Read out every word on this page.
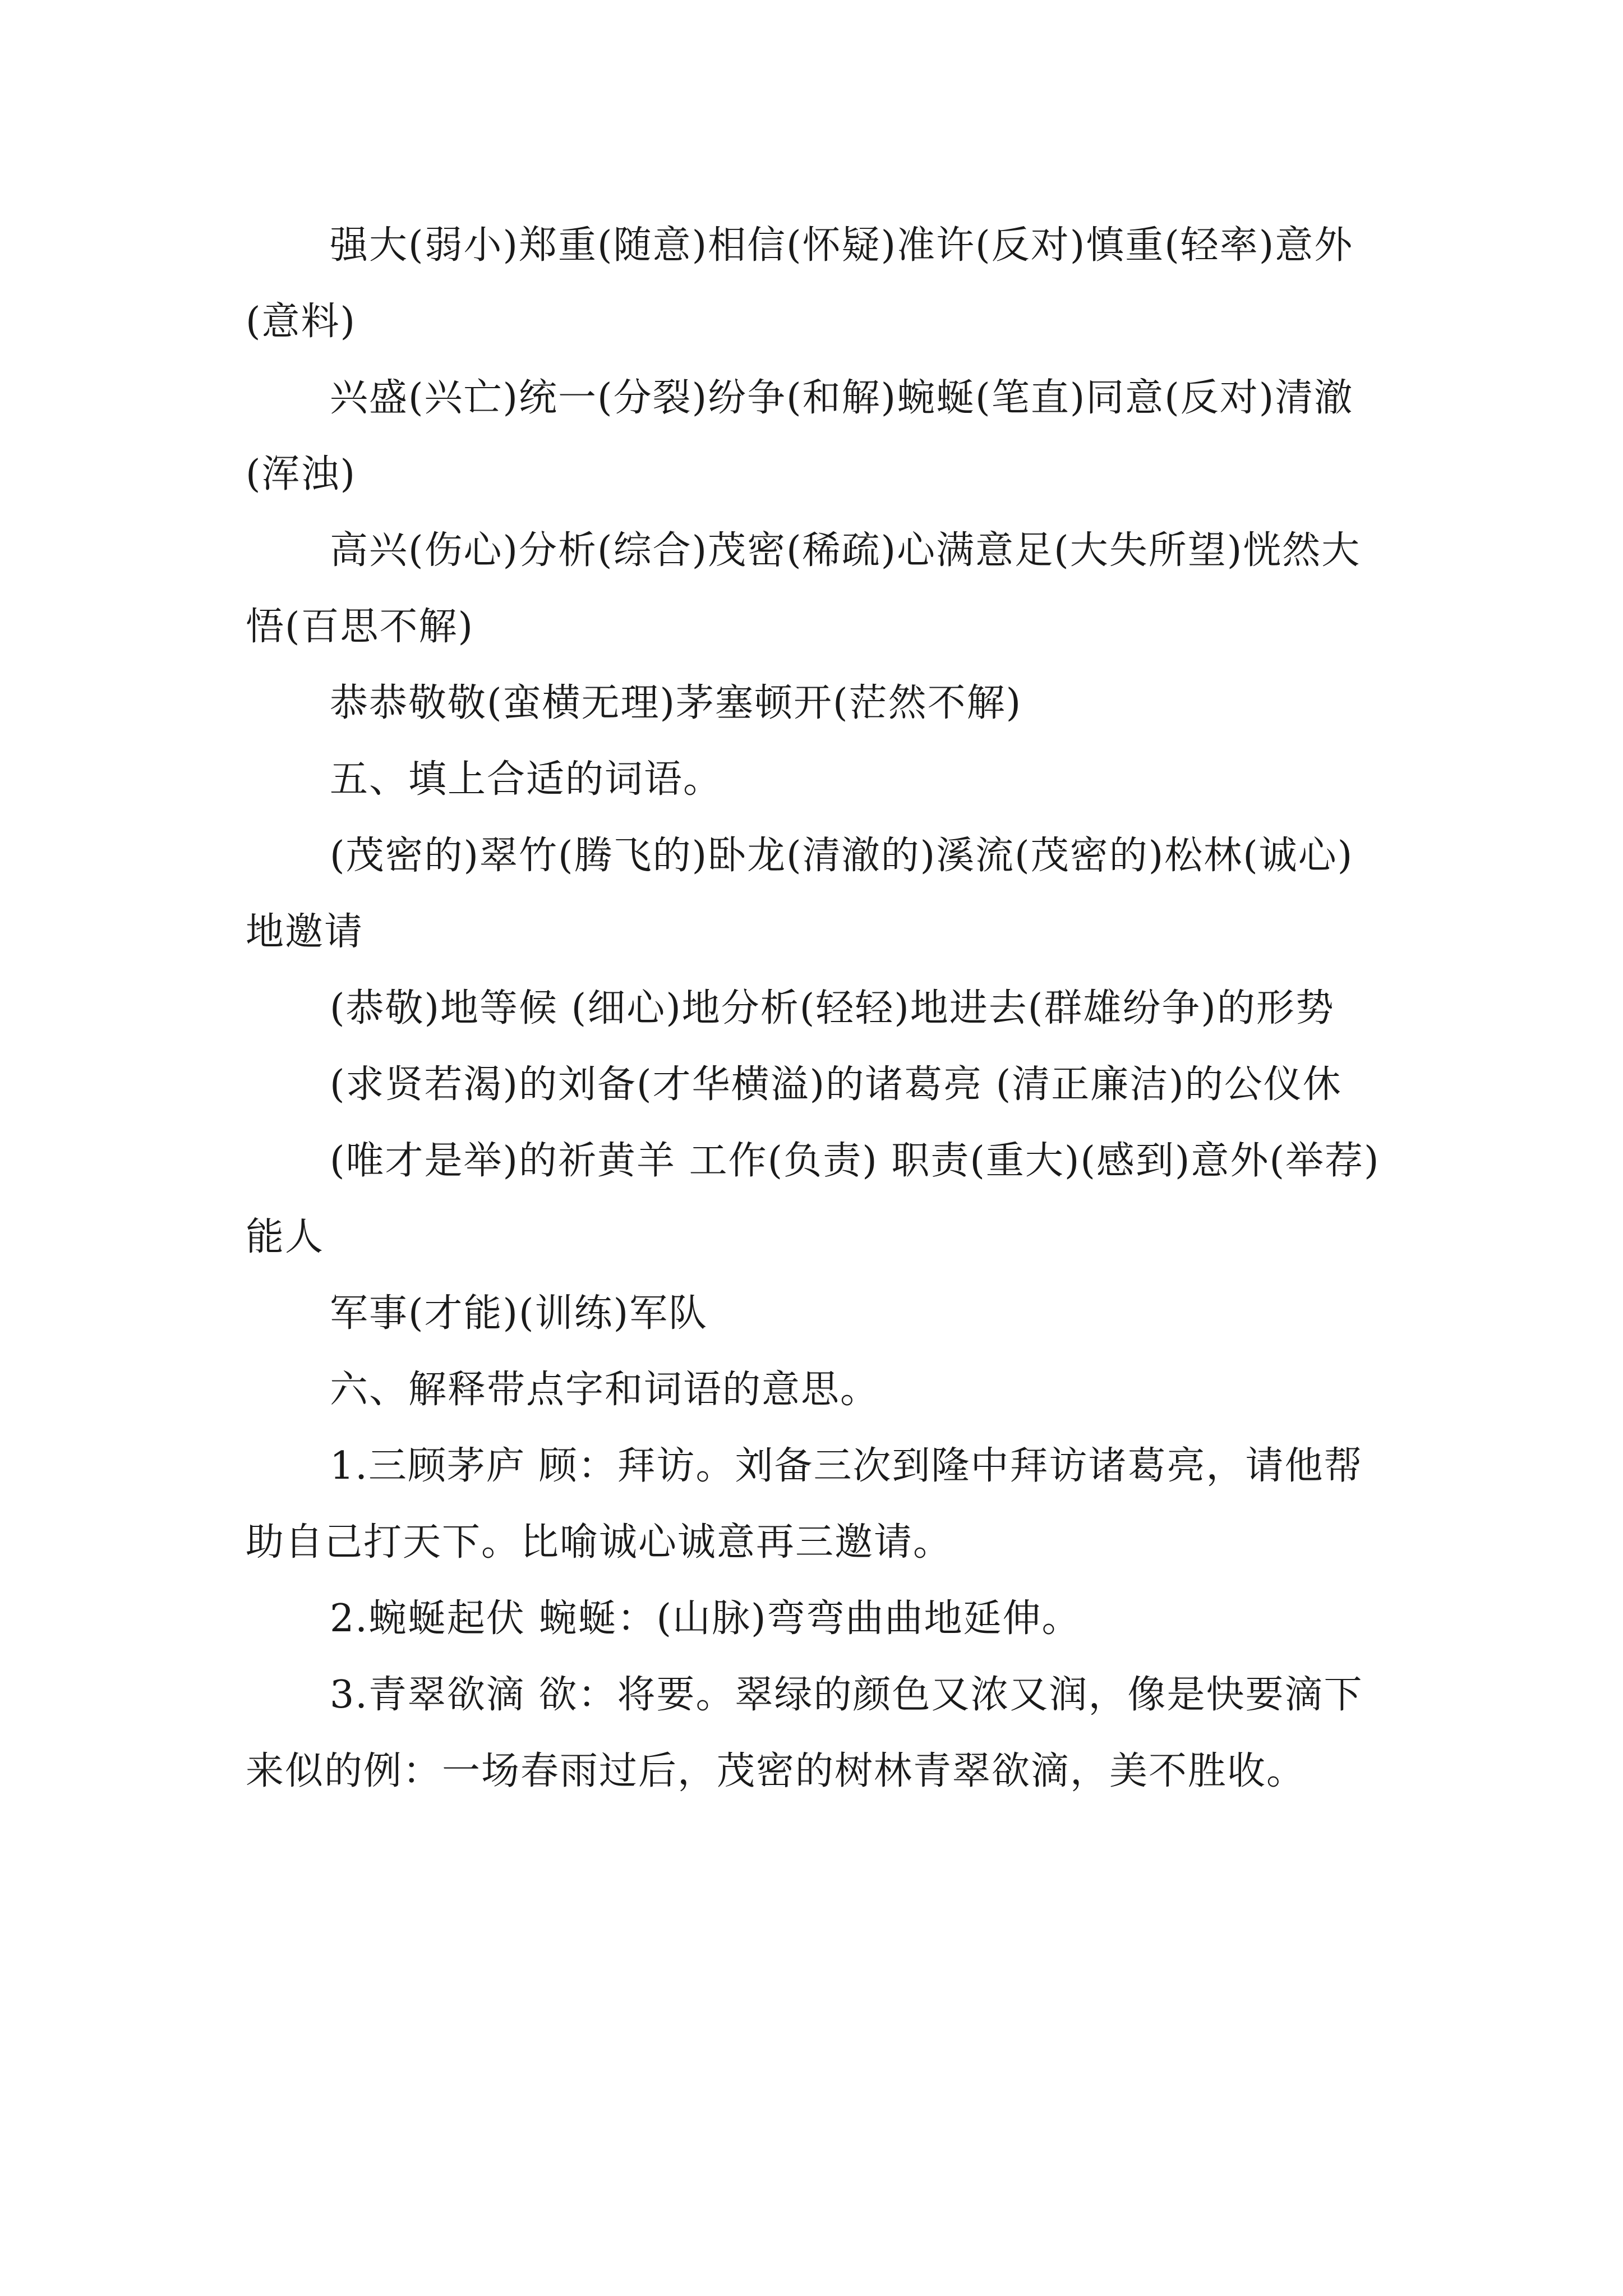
强大(弱小)郑重(随意)相信(怀疑)准许(反对)慎重(轻率)意外(意料)

兴盛(兴亡)统一(分裂)纷争(和解)蜿蜒(笔直)同意(反对)清澈(浑浊)

高兴(伤心)分析(综合)茂密(稀疏)心满意足(大失所望)恍然大悟(百思不解)

恭恭敬敬(蛮横无理)茅塞顿开(茫然不解)

五、填上合适的词语。

(茂密的)翠竹(腾飞的)卧龙(清澈的)溪流(茂密的)松林(诚心)地邀请

(恭敬)地等候 (细心)地分析(轻轻)地进去(群雄纷争)的形势

(求贤若渴)的刘备(才华横溢)的诸葛亮 (清正廉洁)的公仪休

(唯才是举)的祈黄羊 工作(负责) 职责(重大)(感到)意外(举荐)能人

军事(才能)(训练)军队

六、解释带点字和词语的意思。

1.三顾茅庐 顾：拜访。刘备三次到隆中拜访诸葛亮，请他帮助自己打天下。比喻诚心诚意再三邀请。

2.蜿蜒起伏 蜿蜒：(山脉)弯弯曲曲地延伸。

3.青翠欲滴 欲：将要。翠绿的颜色又浓又润，像是快要滴下来似的例：一场春雨过后，茂密的树林青翠欲滴，美不胜收。
